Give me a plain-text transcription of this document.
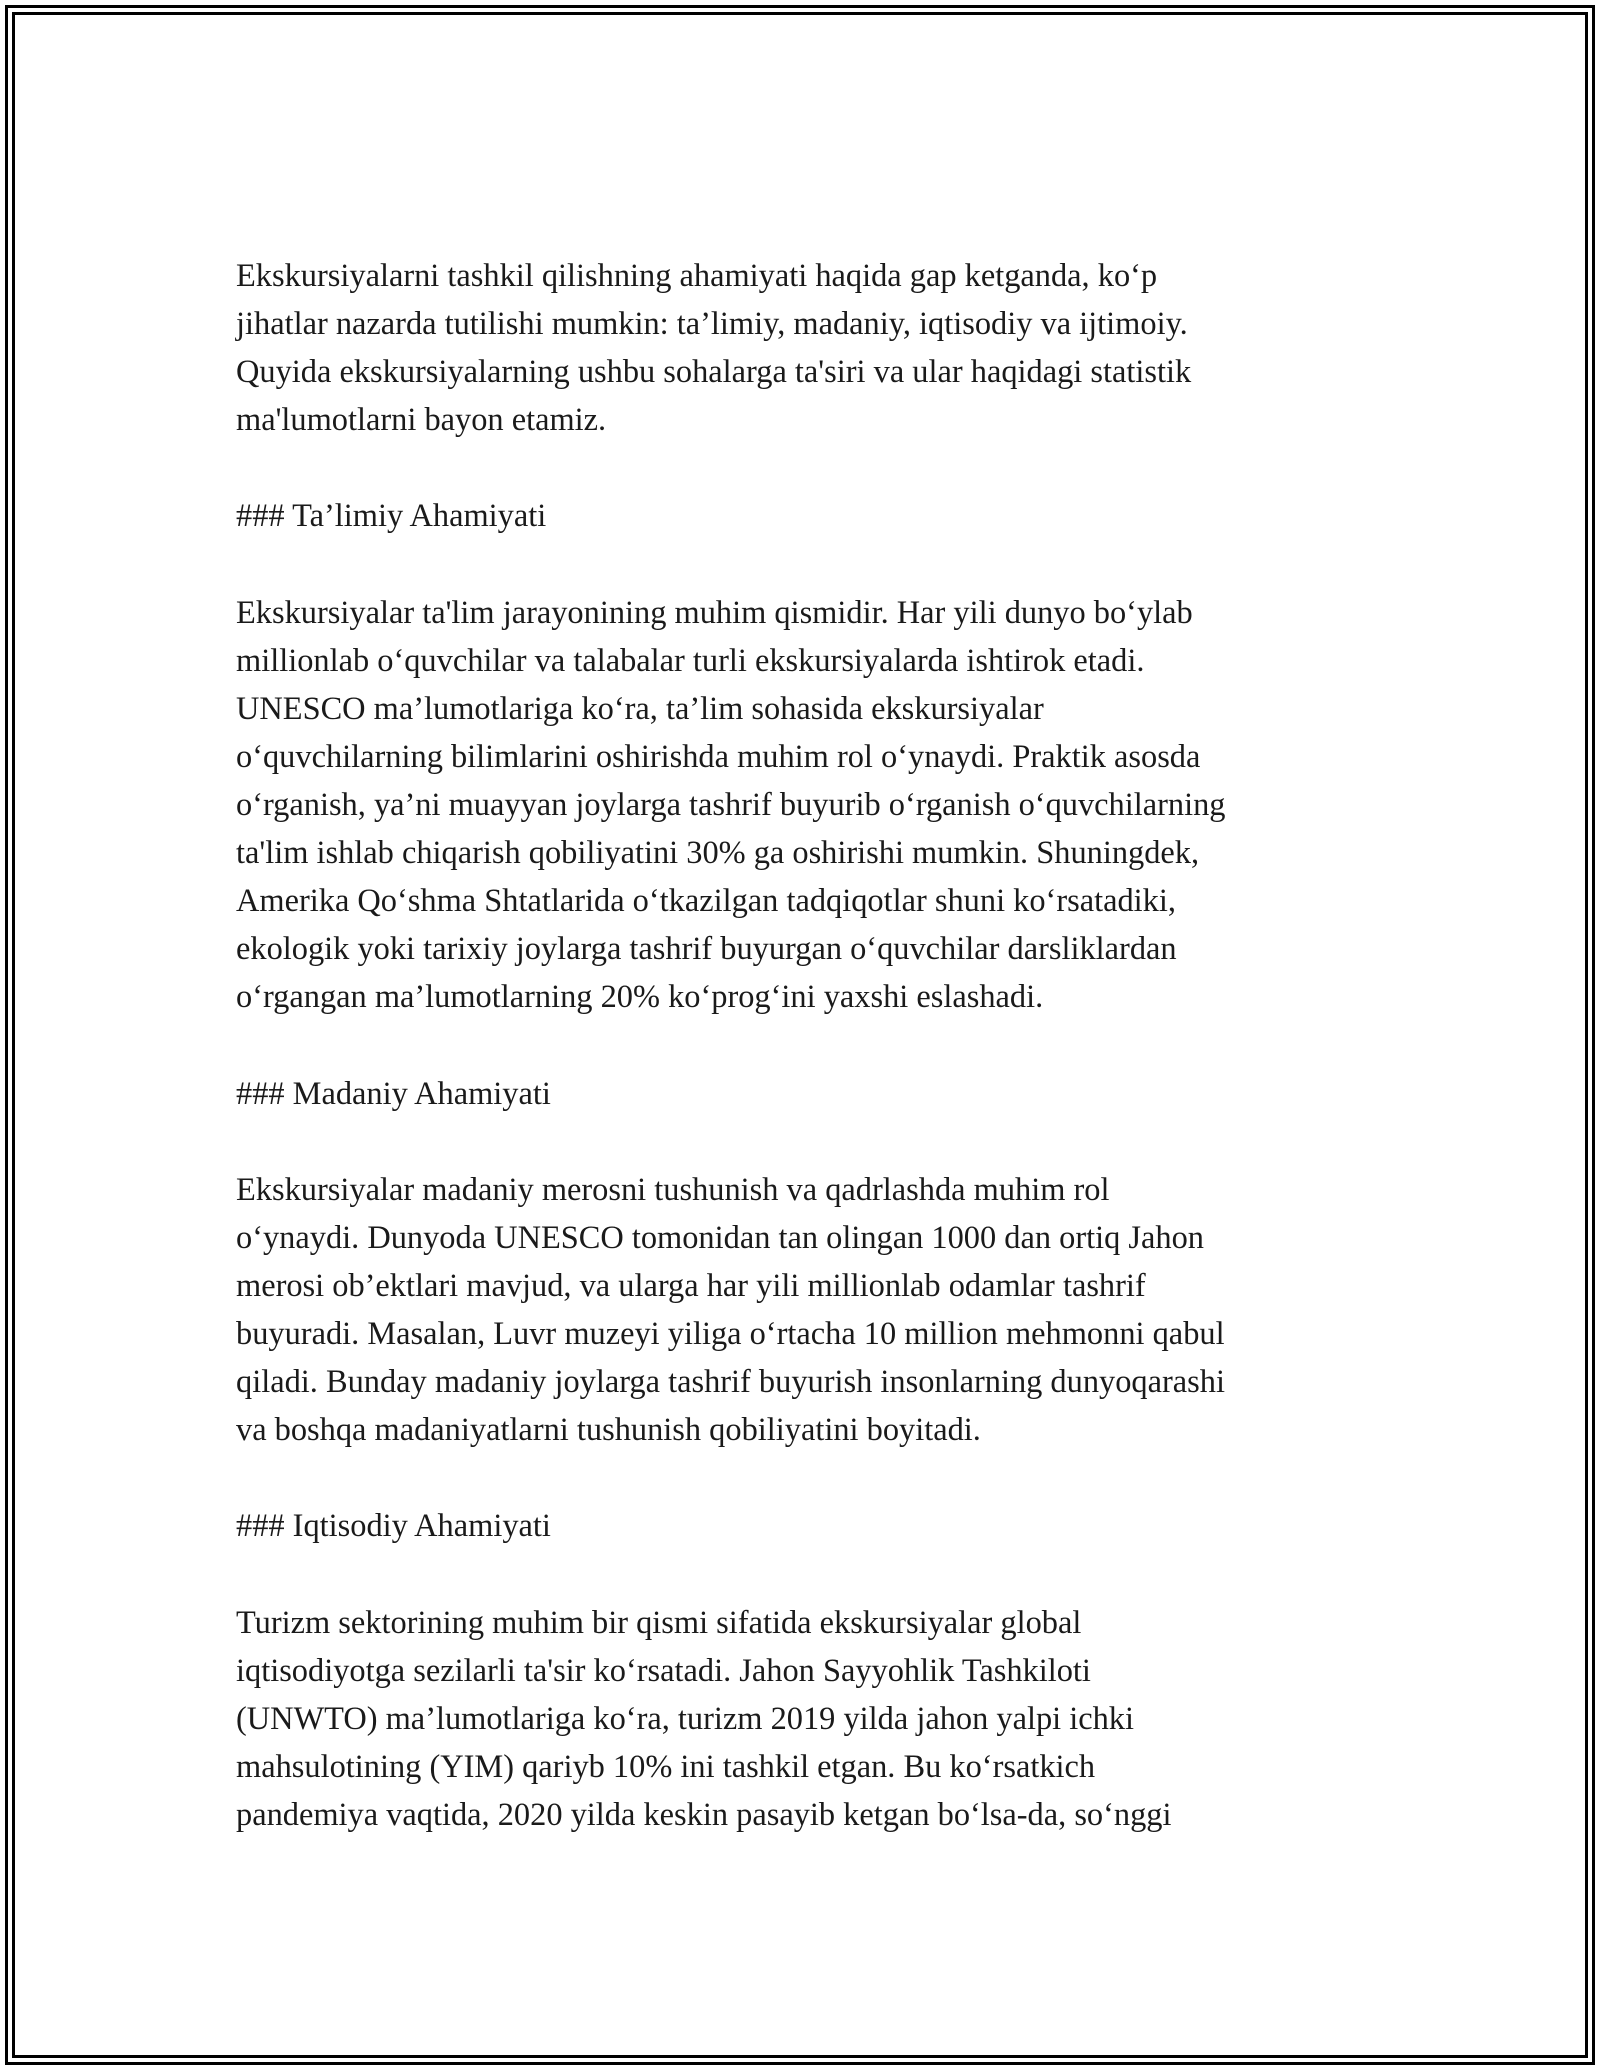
Ekskursiyalarni tashkil qilishning ahamiyati haqida gap ketganda, ko‘p
jihatlar nazarda tutilishi mumkin: ta’limiy, madaniy, iqtisodiy va ijtimoiy.
Quyida ekskursiyalarning ushbu sohalarga ta'siri va ular haqidagi statistik
ma'lumotlarni bayon etamiz.

### Ta’limiy Ahamiyati

Ekskursiyalar ta'lim jarayonining muhim qismidir. Har yili dunyo bo‘ylab
millionlab o‘quvchilar va talabalar turli ekskursiyalarda ishtirok etadi.
UNESCO ma’lumotlariga ko‘ra, ta’lim sohasida ekskursiyalar
o‘quvchilarning bilimlarini oshirishda muhim rol o‘ynaydi. Praktik asosda
o‘rganish, ya’ni muayyan joylarga tashrif buyurib o‘rganish o‘quvchilarning
ta'lim ishlab chiqarish qobiliyatini 30% ga oshirishi mumkin. Shuningdek,
Amerika Qo‘shma Shtatlarida o‘tkazilgan tadqiqotlar shuni ko‘rsatadiki,
ekologik yoki tarixiy joylarga tashrif buyurgan o‘quvchilar darsliklardan
o‘rgangan ma’lumotlarning 20% ko‘prog‘ini yaxshi eslashadi.

### Madaniy Ahamiyati

Ekskursiyalar madaniy merosni tushunish va qadrlashda muhim rol
o‘ynaydi. Dunyoda UNESCO tomonidan tan olingan 1000 dan ortiq Jahon
merosi ob’ektlari mavjud, va ularga har yili millionlab odamlar tashrif
buyuradi. Masalan, Luvr muzeyi yiliga o‘rtacha 10 million mehmonni qabul
qiladi. Bunday madaniy joylarga tashrif buyurish insonlarning dunyoqarashi
va boshqa madaniyatlarni tushunish qobiliyatini boyitadi.

### Iqtisodiy Ahamiyati

Turizm sektorining muhim bir qismi sifatida ekskursiyalar global
iqtisodiyotga sezilarli ta'sir ko‘rsatadi. Jahon Sayyohlik Tashkiloti
(UNWTO) ma’lumotlariga ko‘ra, turizm 2019 yilda jahon yalpi ichki
mahsulotining (YIM) qariyb 10% ini tashkil etgan. Bu ko‘rsatkich
pandemiya vaqtida, 2020 yilda keskin pasayib ketgan bo‘lsa-da, so‘nggi
